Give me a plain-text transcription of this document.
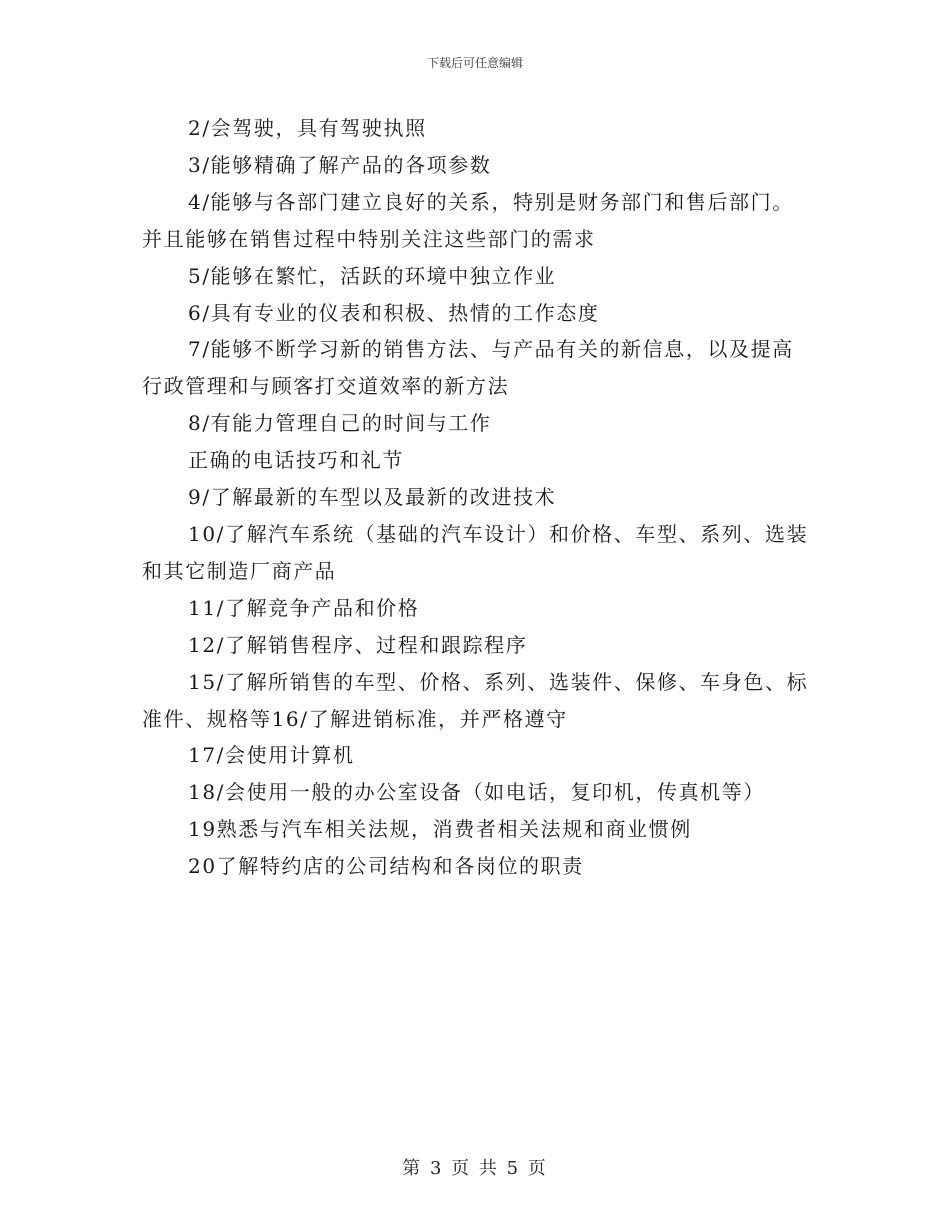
下载后可任意编辑

2/会驾驶，具有驾驶执照

3/能够精确了解产品的各项参数

4/能够与各部门建立良好的关系，特别是财务部门和售后部门。并且能够在销售过程中特别关注这些部门的需求

5/能够在繁忙，活跃的环境中独立作业

6/具有专业的仪表和积极、热情的工作态度

7/能够不断学习新的销售方法、与产品有关的新信息，以及提高行政管理和与顾客打交道效率的新方法

8/有能力管理自己的时间与工作

正确的电话技巧和礼节

9/了解最新的车型以及最新的改进技术

10/了解汽车系统（基础的汽车设计）和价格、车型、系列、选装和其它制造厂商产品

11/了解竞争产品和价格

12/了解销售程序、过程和跟踪程序

15/了解所销售的车型、价格、系列、选装件、保修、车身色、标准件、规格等16/了解进销标准，并严格遵守

17/会使用计算机

18/会使用一般的办公室设备（如电话，复印机，传真机等）

19熟悉与汽车相关法规，消费者相关法规和商业惯例

20了解特约店的公司结构和各岗位的职责

第 3 页 共 5 页
